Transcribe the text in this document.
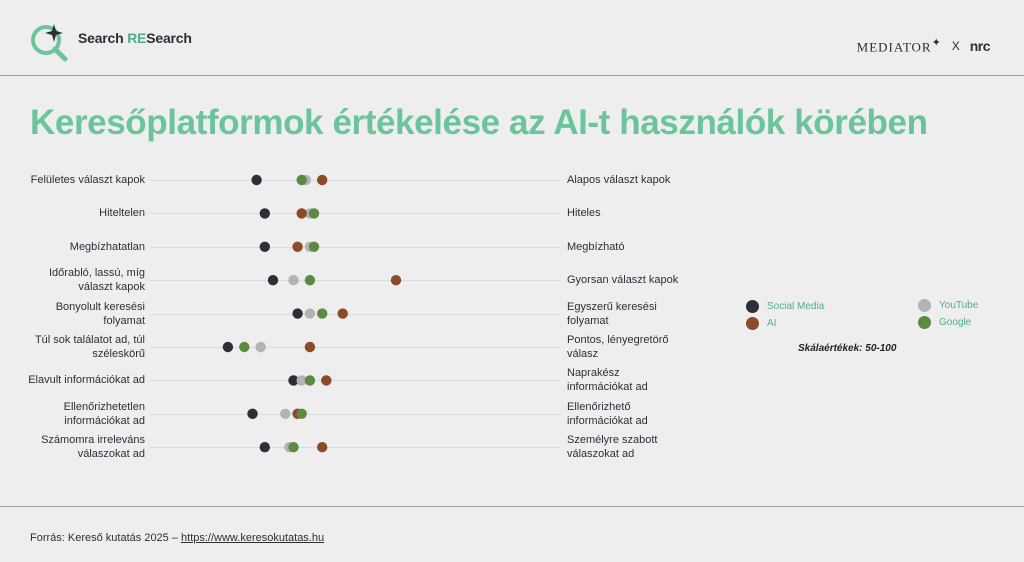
Search RESearch
MEDIATOR✦ X nrc
Keresőplatformok értékelése az AI-t használók körében
Felületes választ kapok	Alapos választ kapok
Hiteltelen	Hiteles
Megbízhatatlan	Megbízható
Időrabló, lassú, míg választ kapok
Gyorsan választ kapok
Bonyolult keresési folyamat
Egyszerű keresési folyamat
Túl sok találatot ad, túl széleskörű
Pontos, lényegretörő válasz
Elavult információkat ad
Naprakész információkat ad
Ellenőrizhetetlen információkat ad
Ellenőrizhető információkat ad
Számomra irreleváns válaszokat ad
Személyre szabott válaszokat ad
Social Media	YouTube
AI	Google
Skálaértékek: 50-100
Forrás: Kereső kutatás 2025 – https://www.keresokutatas.hu
